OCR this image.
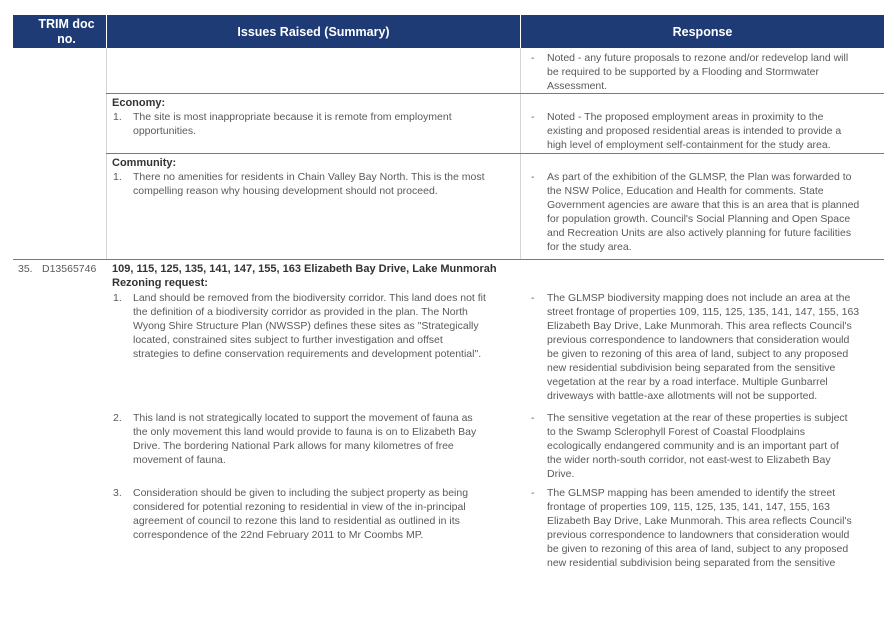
TRIM doc
no.	Issues Raised (Summary)	Response
- Noted - any future proposals to rezone and/or redevelop land will
be required to be supported by a Flooding and Stormwater
Assessment.
Economy:
1. The site is most inappropriate because it is remote from employment
opportunities.
- Noted - The proposed employment areas in proximity to the
existing and proposed residential areas is intended to provide a
high level of employment self-containment for the study area.
Community:
1. There no amenities for residents in Chain Valley Bay North. This is the most
compelling reason why housing development should not proceed.
- As part of the exhibition of the GLMSP, the Plan was forwarded to
the NSW Police, Education and Health for comments. State
Government agencies are aware that this is an area that is planned
for population growth. Council's Social Planning and Open Space
and Recreation Units are also actively planning for future facilities
for the study area.
35. D13565746 109, 115, 125, 135, 141, 147, 155, 163 Elizabeth Bay Drive, Lake Munmorah
Rezoning request:
1. Land should be removed from the biodiversity corridor. This land does not fit
the definition of a biodiversity corridor as provided in the plan. The North
Wyong Shire Structure Plan (NWSSP) defines these sites as "Strategically
located, constrained sites subject to further investigation and offset
strategies to define conservation requirements and development potential".
- The GLMSP biodiversity mapping does not include an area at the
street frontage of properties 109, 115, 125, 135, 141, 147, 155, 163
Elizabeth Bay Drive, Lake Munmorah. This area reflects Council's
previous correspondence to landowners that consideration would
be given to rezoning of this area of land, subject to any proposed
new residential subdivision being separated from the sensitive
vegetation at the rear by a road interface. Multiple Gunbarrel
driveways with battle-axe allotments will not be supported.
2. This land is not strategically located to support the movement of fauna as
the only movement this land would provide to fauna is on to Elizabeth Bay
Drive. The bordering National Park allows for many kilometres of free
movement of fauna.
- The sensitive vegetation at the rear of these properties is subject
to the Swamp Sclerophyll Forest of Coastal Floodplains
ecologically endangered community and is an important part of
the wider north-south corridor, not east-west to Elizabeth Bay
Drive.
3. Consideration should be given to including the subject property as being
considered for potential rezoning to residential in view of the in-principal
agreement of council to rezone this land to residential as outlined in its
correspondence of the 22nd February 2011 to Mr Coombs MP.
- The GLMSP mapping has been amended to identify the street
frontage of properties 109, 115, 125, 135, 141, 147, 155, 163
Elizabeth Bay Drive, Lake Munmorah. This area reflects Council's
previous correspondence to landowners that consideration would
be given to rezoning of this area of land, subject to any proposed
new residential subdivision being separated from the sensitive
